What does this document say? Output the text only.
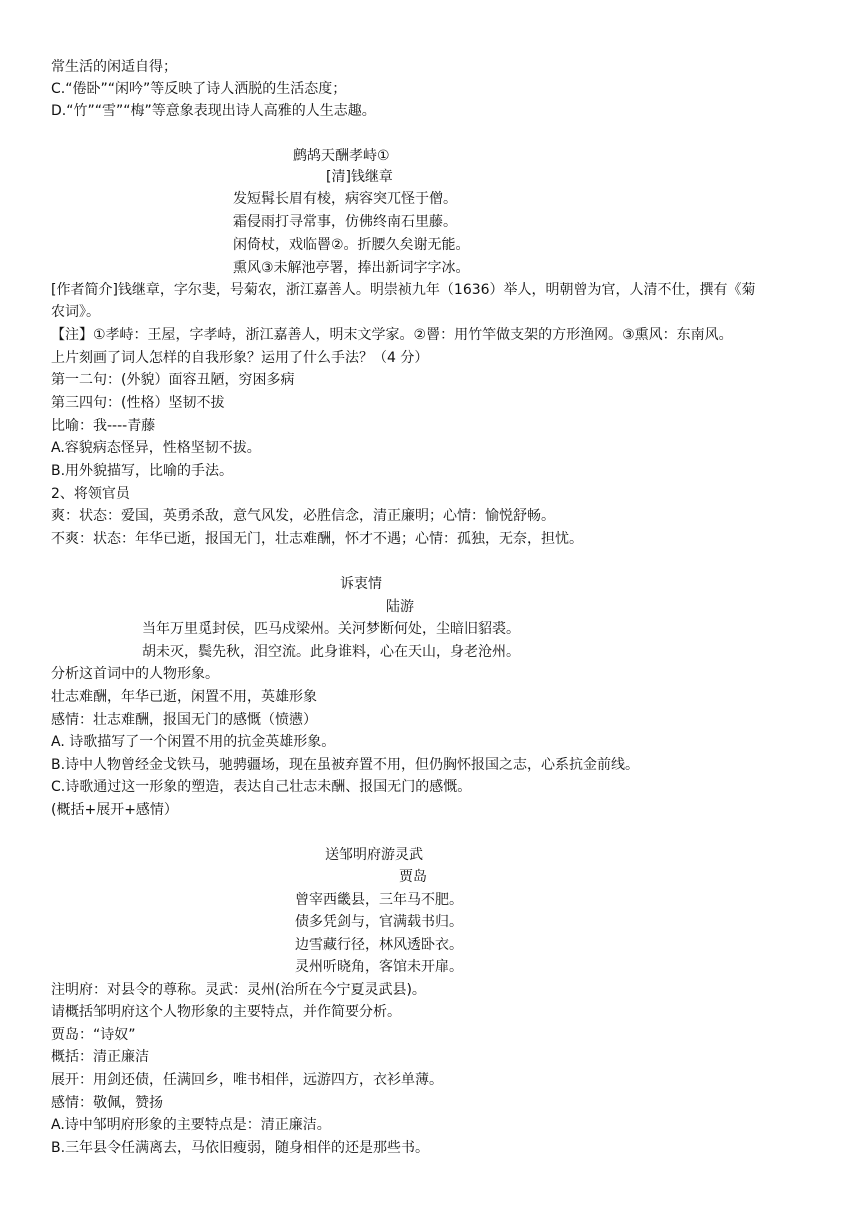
常生活的闲适自得；
C.“倦卧”“闲吟”等反映了诗人洒脱的生活态度；
D.“竹”“雪”“梅”等意象表现出诗人高雅的人生志趣。
鹧鸪天酬孝峙①
[清]钱继章
发短髯长眉有棱，病容突兀怪于僧。
霜侵雨打寻常事，仿佛终南石里藤。
闲倚杖，戏临罾②。折腰久矣谢无能。
熏风③未解池亭署，捧出新词字字冰。
[作者简介]钱继章，字尔斐，号菊农，浙江嘉善人。明崇祯九年（1636）举人，明朝曾为官，人清不仕，撰有《菊
农词》。
【注】①孝峙：王屋，字孝峙，浙江嘉善人，明末文学家。②罾：用竹竿做支架的方形渔网。③熏风：东南风。
上片刻画了词人怎样的自我形象？运用了什么手法？（4 分）
第一二句：(外貌）面容丑陋，穷困多病
第三四句：(性格）坚韧不拔
比喻：我----青藤
A.容貌病态怪异，性格坚韧不拔。
B.用外貌描写，比喻的手法。
2、将领官员
爽：状态：爱国，英勇杀敌，意气风发，必胜信念，清正廉明；心情：愉悦舒畅。
不爽：状态：年华已逝，报国无门，壮志难酬，怀才不遇；心情：孤独，无奈，担忧。
诉衷情
陆游
当年万里觅封侯，匹马戍梁州。关河梦断何处，尘暗旧貂裘。
胡未灭，鬓先秋，泪空流。此身谁料，心在天山，身老沧州。
分析这首词中的人物形象。
壮志难酬，年华已逝，闲置不用，英雄形象
感情：壮志难酬，报国无门的感慨（愤懑）
A. 诗歌描写了一个闲置不用的抗金英雄形象。
B.诗中人物曾经金戈铁马，驰骋疆场，现在虽被弃置不用，但仍胸怀报国之志，心系抗金前线。
C.诗歌通过这一形象的塑造，表达自己壮志未酬、报国无门的感慨。
(概括+展开+感情）
送邹明府游灵武
贾岛
曾宰西畿县，三年马不肥。
债多凭剑与，官满载书归。
边雪藏行径，林风透卧衣。
灵州听晓角，客馆未开扉。
注明府：对县令的尊称。灵武：灵州(治所在今宁夏灵武县)。
请概括邹明府这个人物形象的主要特点，并作简要分析。
贾岛：“诗奴”
概括：清正廉洁
展开：用剑还债，任满回乡，唯书相伴，远游四方，衣衫单薄。
感情：敬佩，赞扬
A.诗中邹明府形象的主要特点是：清正廉洁。
B.三年县令任满离去，马依旧瘦弱，随身相伴的还是那些书。
